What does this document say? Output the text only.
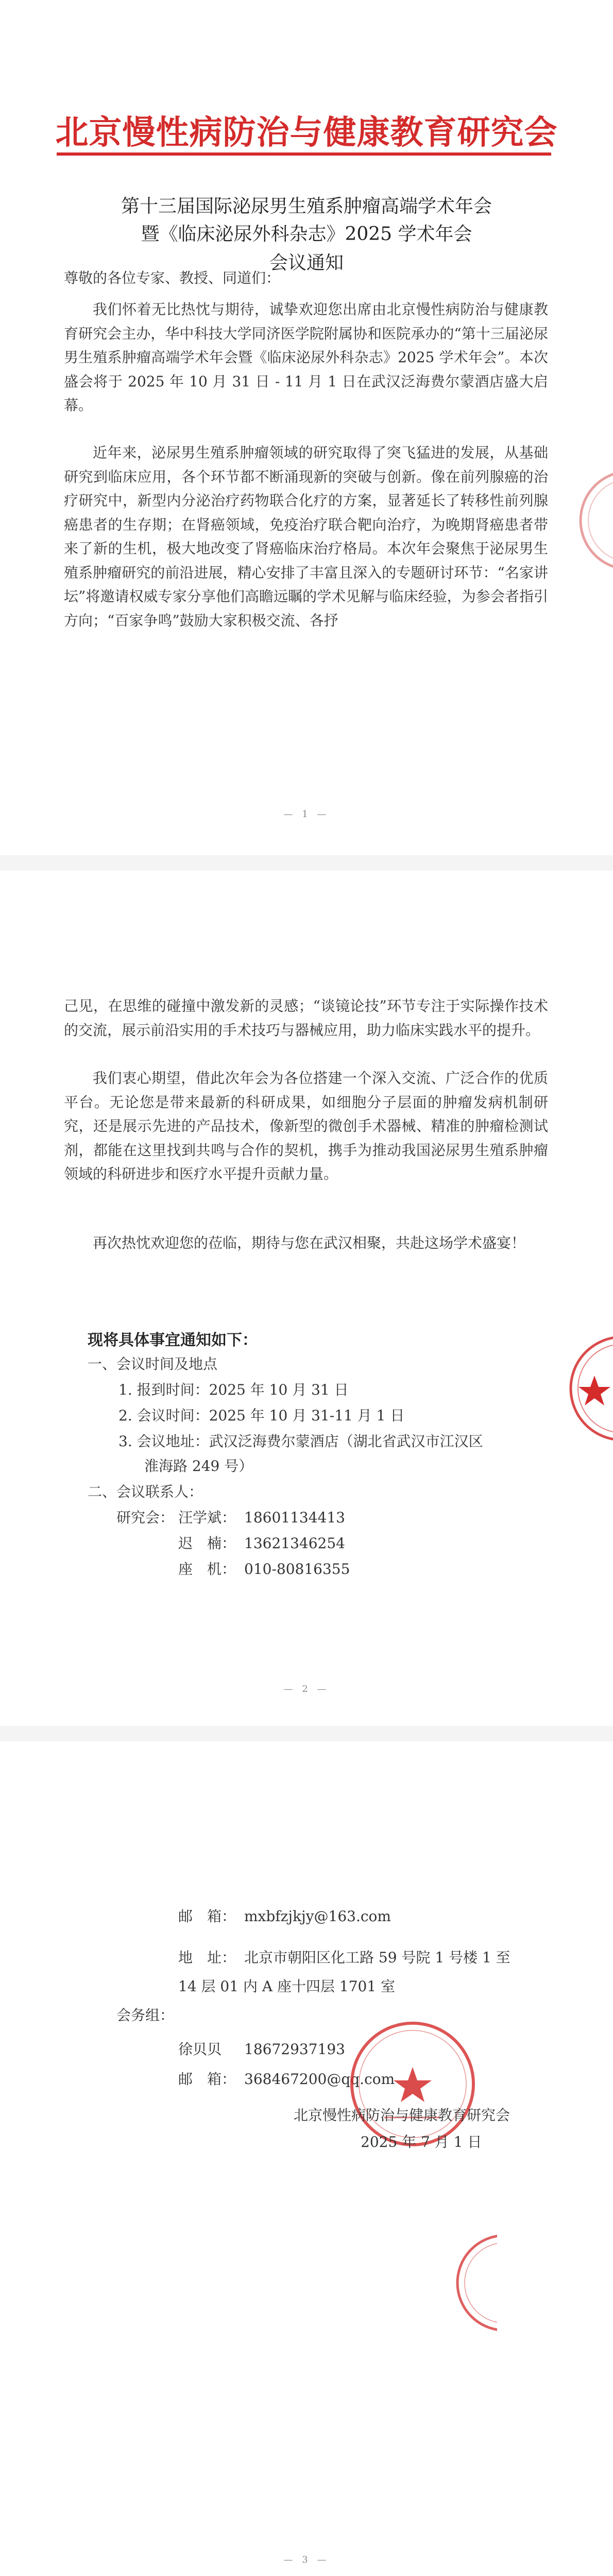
北京慢性病防治与健康教育研究会
第十三届国际泌尿男生殖系肿瘤高端学术年会
暨《临床泌尿外科杂志》2025 学术年会
会议通知
尊敬的各位专家、教授、同道们：

我们怀着无比热忱与期待，诚挚欢迎您出席由北京慢性病防治与健康教育研究会主办，华中科技大学同济医学院附属协和医院承办的“第十三届泌尿男生殖系肿瘤高端学术年会暨《临床泌尿外科杂志》2025 学术年会”。本次盛会将于 2025 年 10 月 31 日 - 11 月 1 日在武汉泛海费尔蒙酒店盛大启幕。

近年来，泌尿男生殖系肿瘤领域的研究取得了突飞猛进的发展，从基础研究到临床应用，各个环节都不断涌现新的突破与创新。像在前列腺癌的治疗研究中，新型内分泌治疗药物联合化疗的方案，显著延长了转移性前列腺癌患者的生存期；在肾癌领域，免疫治疗联合靶向治疗，为晚期肾癌患者带来了新的生机，极大地改变了肾癌临床治疗格局。本次年会聚焦于泌尿男生殖系肿瘤研究的前沿进展，精心安排了丰富且深入的专题研讨环节：“名家讲坛”将邀请权威专家分享他们高瞻远瞩的学术见解与临床经验，为参会者指引方向；“百家争鸣”鼓励大家积极交流、各抒

— 1 —

己见，在思维的碰撞中激发新的灵感；“谈镜论技”环节专注于实际操作技术的交流，展示前沿实用的手术技巧与器械应用，助力临床实践水平的提升。

我们衷心期望，借此次年会为各位搭建一个深入交流、广泛合作的优质平台。无论您是带来最新的科研成果，如细胞分子层面的肿瘤发病机制研究，还是展示先进的产品技术，像新型的微创手术器械、精准的肿瘤检测试剂，都能在这里找到共鸣与合作的契机，携手为推动我国泌尿男生殖系肿瘤领域的科研进步和医疗水平提升贡献力量。

再次热忱欢迎您的莅临，期待与您在武汉相聚，共赴这场学术盛宴！

现将具体事宜通知如下：
一、会议时间及地点
1. 报到时间：2025 年 10 月 31 日
2. 会议时间：2025 年 10 月 31-11 月 1 日
3. 会议地址：武汉泛海费尔蒙酒店（湖北省武汉市江汉区
淮海路 249 号）
二、会议联系人：
研究会： 汪学斌： 18601134413
迟　楠： 13621346254
座　机： 010-80816355
— 2 —
邮　箱： mxbfzjkjy@163.com
地　址： 北京市朝阳区化工路 59 号院 1 号楼 1 至
14 层 01 内 A 座十四层 1701 室
会务组：
徐贝贝 18672937193
邮　箱： 368467200@qq.com
北京慢性病防治与健康教育研究会
2025 年 7 月 1 日
— 3 —
